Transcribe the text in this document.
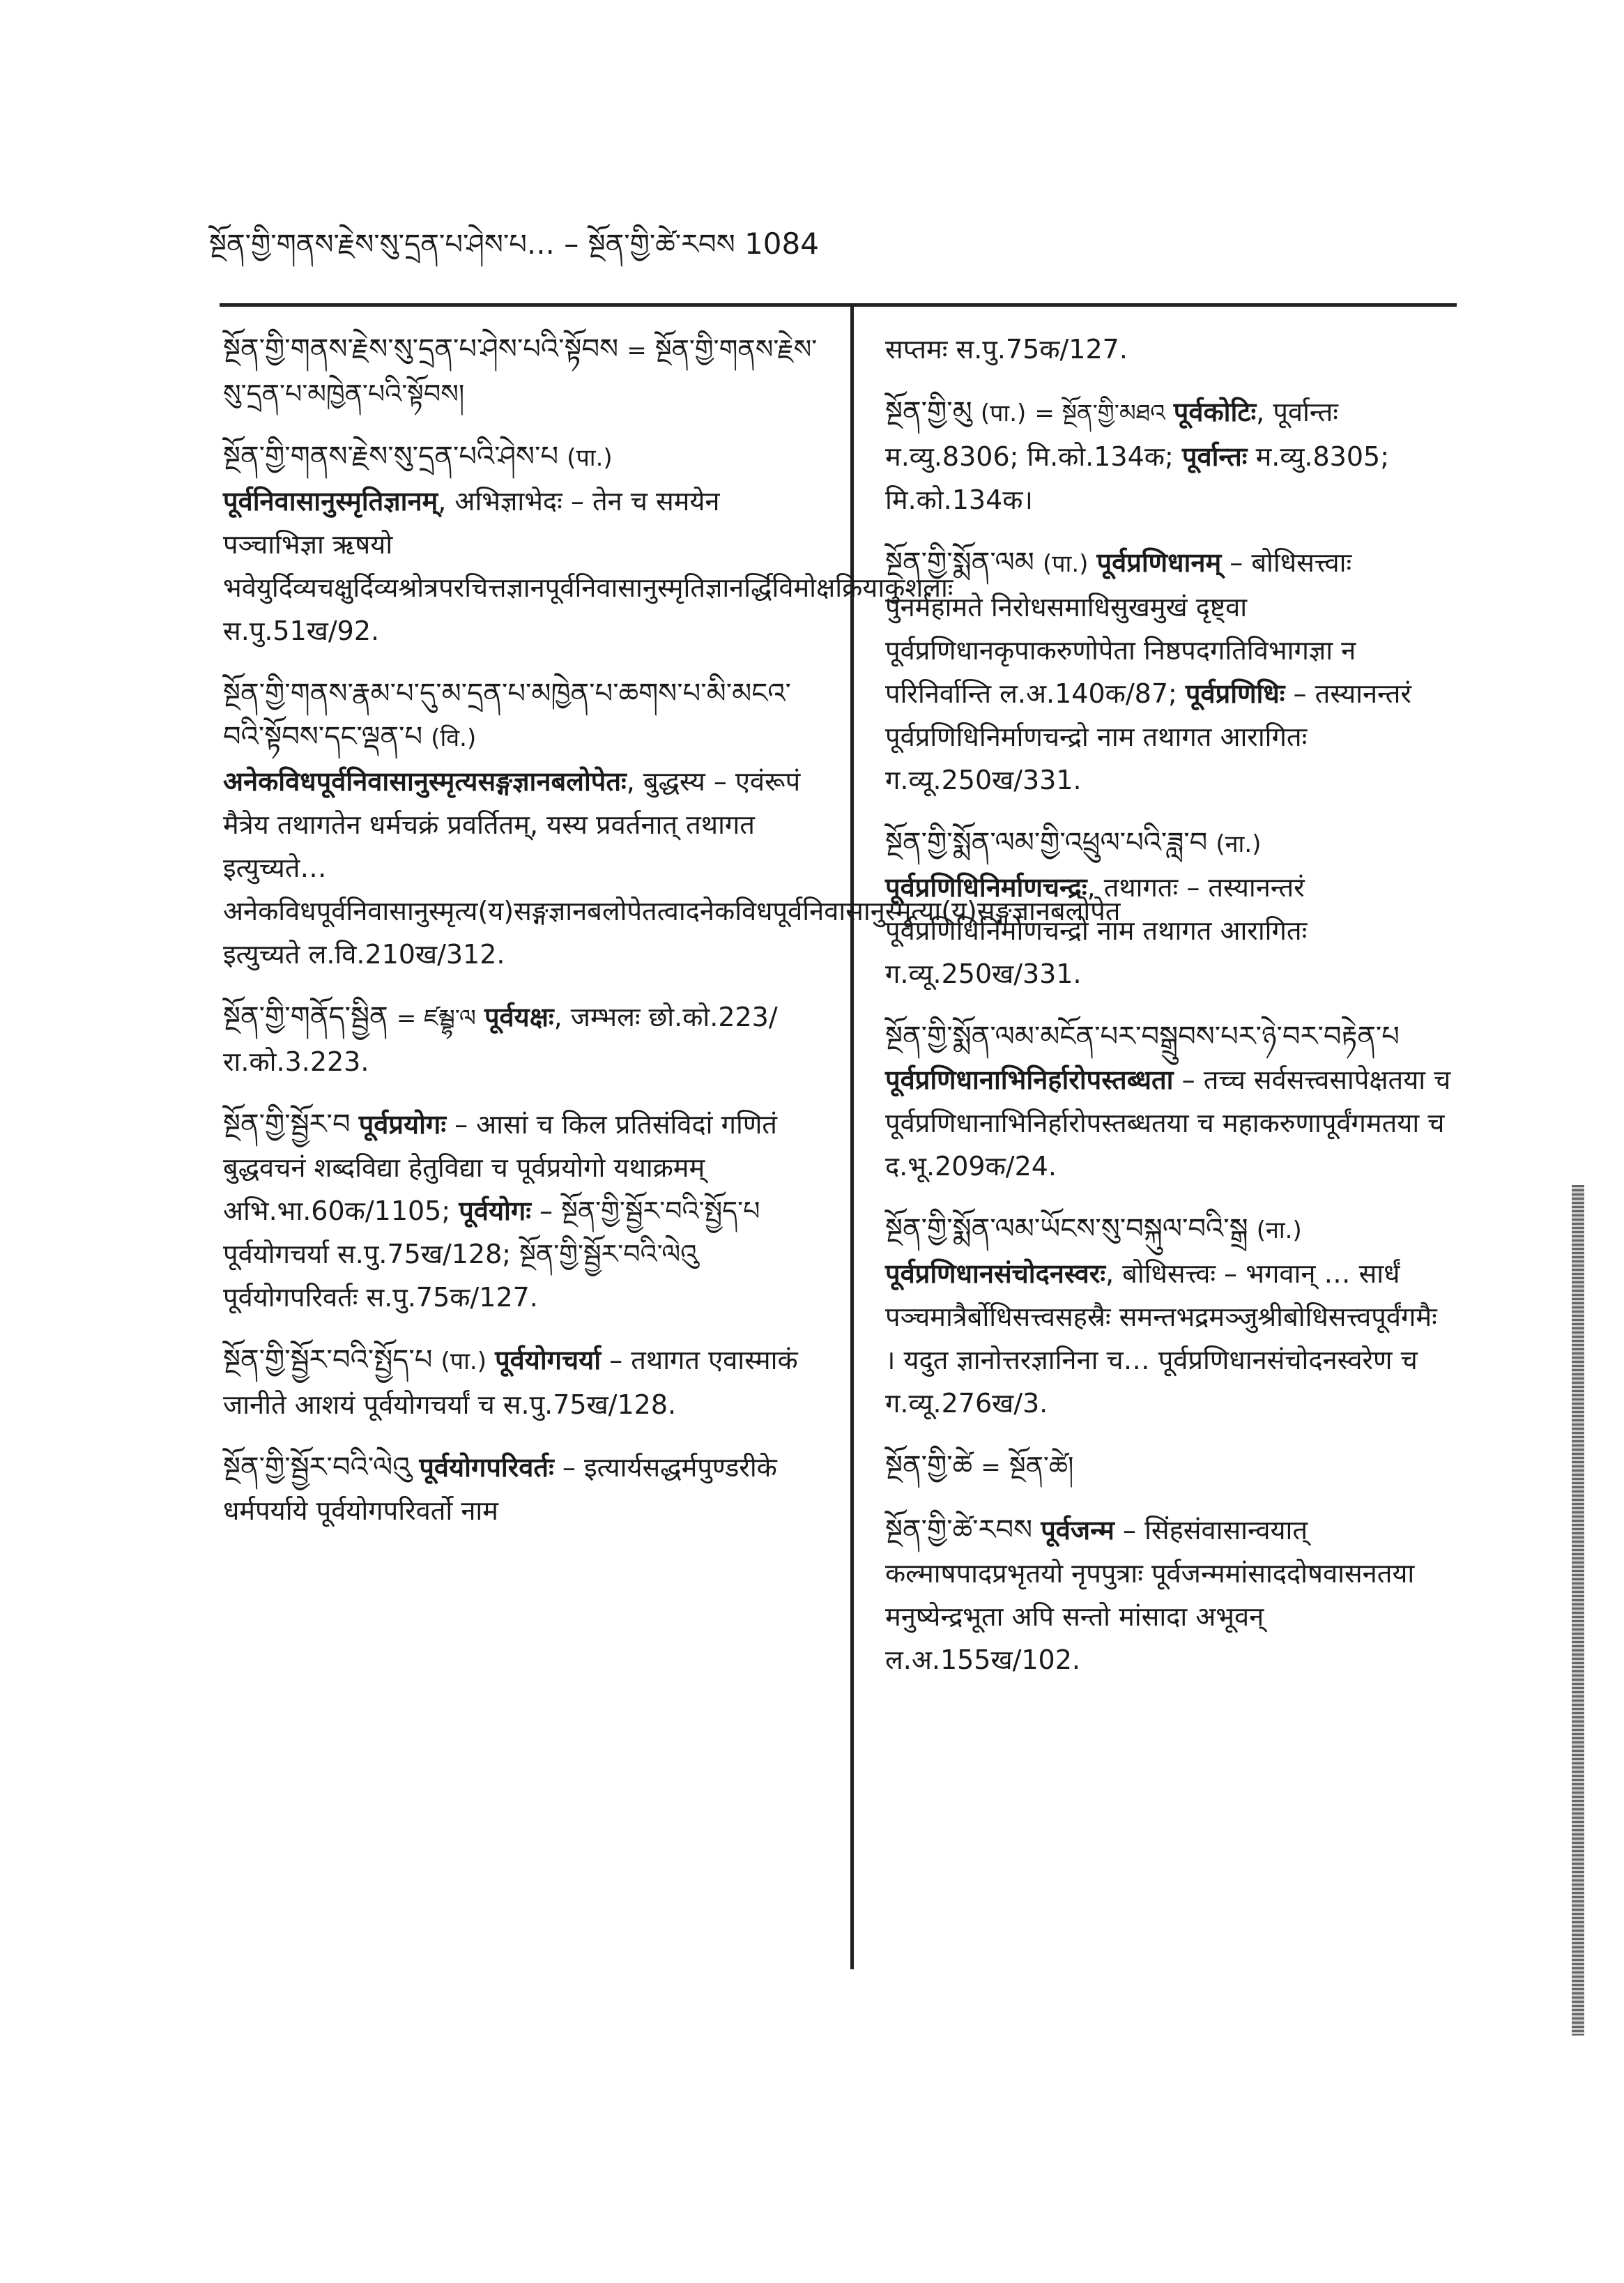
སྔོན་གྱི་གནས་རྗེས་སུ་དྲན་པ་ཤེས་པ… – སྔོན་གྱི་ཚེ་རབས 1084
སྔོན་གྱི་གནས་རྗེས་སུ་དྲན་པ་ཤེས་པའི་སྟོབས = སྔོན་གྱི་གནས་རྗེས་སུ་དྲན་པ་མཁྱེན་པའི་སྟོབས།
སྔོན་གྱི་གནས་རྗེས་སུ་དྲན་པའི་ཤེས་པ (पा.) पूर्वनिवासानुस्मृतिज्ञानम्, अभिज्ञाभेदः – तेन च समयेन पञ्चाभिज्ञा ऋषयो भवेयुर्दिव्यचक्षुर्दिव्यश्रोत्रपरचित्तज्ञानपूर्वनिवासानुस्मृतिज्ञानर्द्धिविमोक्षक्रियाकुशलाः स.पु.51ख/92.
སྔོན་གྱི་གནས་རྣམ་པ་དུ་མ་དྲན་པ་མཁྱེན་པ་ཆགས་པ་མི་མངའ་བའི་སྟོབས་དང་ལྡན་པ (वि.) अनेकविधपूर्वनिवासानुस्मृत्यसङ्गज्ञानबलोपेतः, बुद्धस्य – एवंरूपं मैत्रेय तथागतेन धर्मचक्रं प्रवर्तितम्, यस्य प्रवर्तनात् तथागत इत्युच्यते… अनेकविधपूर्वनिवासानुस्मृत्य(य)सङ्गज्ञानबलोपेतत्वादनेकविधपूर्वनिवासानुस्मृत्या(य)सङ्गज्ञानबलोपेत इत्युच्यते ल.वि.210ख/312.
སྔོན་གྱི་གནོད་སྦྱིན = ཛམྦྷ་ལ पूर्वयक्षः, जम्भलः छो.को.223/रा.को.3.223.
སྔོན་གྱི་སྦྱོར་བ पूर्वप्रयोगः – आसां च किल प्रतिसंविदां गणितं बुद्धवचनं शब्दविद्या हेतुविद्या च पूर्वप्रयोगो यथाक्रमम् अभि.भा.60क/1105; पूर्वयोगः – སྔོན་གྱི་སྦྱོར་བའི་སྤྱོད་པ पूर्वयोगचर्या स.पु.75ख/128; སྔོན་གྱི་སྦྱོར་བའི་ལེའུ पूर्वयोगपरिवर्तः स.पु.75क/127.
སྔོན་གྱི་སྦྱོར་བའི་སྤྱོད་པ (पा.) पूर्वयोगचर्या – तथागत एवास्माकं जानीते आशयं पूर्वयोगचर्यां च स.पु.75ख/128.
སྔོན་གྱི་སྦྱོར་བའི་ལེའུ पूर्वयोगपरिवर्तः – इत्यार्यसद्धर्मपुण्डरीके धर्मपर्याये पूर्वयोगपरिवर्तो नाम
सप्तमः स.पु.75क/127.
སྔོན་གྱི་མུ (पा.) = སྔོན་གྱི་མཐའ पूर्वकोटिः, पूर्वान्तः म.व्यु.8306; मि.को.134क; पूर्वान्तः म.व्यु.8305; मि.को.134क।
སྔོན་གྱི་སྨོན་ལམ (पा.) पूर्वप्रणिधानम् – बोधिसत्त्वाः पुनर्महामते निरोधसमाधिसुखमुखं दृष्ट्वा पूर्वप्रणिधानकृपाकरुणोपेता निष्ठपदगतिविभागज्ञा न परिनिर्वान्ति ल.अ.140क/87; पूर्वप्रणिधिः – तस्यानन्तरं पूर्वप्रणिधिनिर्माणचन्द्रो नाम तथागत आरागितः ग.व्यू.250ख/331.
སྔོན་གྱི་སྨོན་ལམ་གྱི་འཕྲུལ་པའི་ཟླ་བ (ना.) पूर्वप्रणिधिनिर्माणचन्द्रः, तथागतः – तस्यानन्तरं पूर्वप्रणिधिनिर्माणचन्द्रो नाम तथागत आरागितः ग.व्यू.250ख/331.
སྔོན་གྱི་སྨོན་ལམ་མངོན་པར་བསྒྲུབས་པར་ཉེ་བར་བརྟེན་པ पूर्वप्रणिधानाभिनिर्हारोपस्तब्धता – तच्च सर्वसत्त्वसापेक्षतया च पूर्वप्रणिधानाभिनिर्हारोपस्तब्धतया च महाकरुणापूर्वंगमतया च द.भू.209क/24.
སྔོན་གྱི་སྨོན་ལམ་ཡོངས་སུ་བསྐུལ་བའི་སྒྲ (ना.) पूर्वप्रणिधानसंचोदनस्वरः, बोधिसत्त्वः – भगवान् … सार्धं पञ्चमात्रैर्बोधिसत्त्वसहस्रैः समन्तभद्रमञ्जुश्रीबोधिसत्त्वपूर्वंगमैः । यदुत ज्ञानोत्तरज्ञानिना च… पूर्वप्रणिधानसंचोदनस्वरेण च ग.व्यू.276ख/3.
སྔོན་གྱི་ཚེ = སྔོན་ཚེ།
སྔོན་གྱི་ཚེ་རབས पूर्वजन्म – सिंहसंवासान्वयात् कल्माषपादप्रभृतयो नृपपुत्राः पूर्वजन्ममांसाददोषवासनतया मनुष्येन्द्रभूता अपि सन्तो मांसादा अभूवन् ल.अ.155ख/102.
